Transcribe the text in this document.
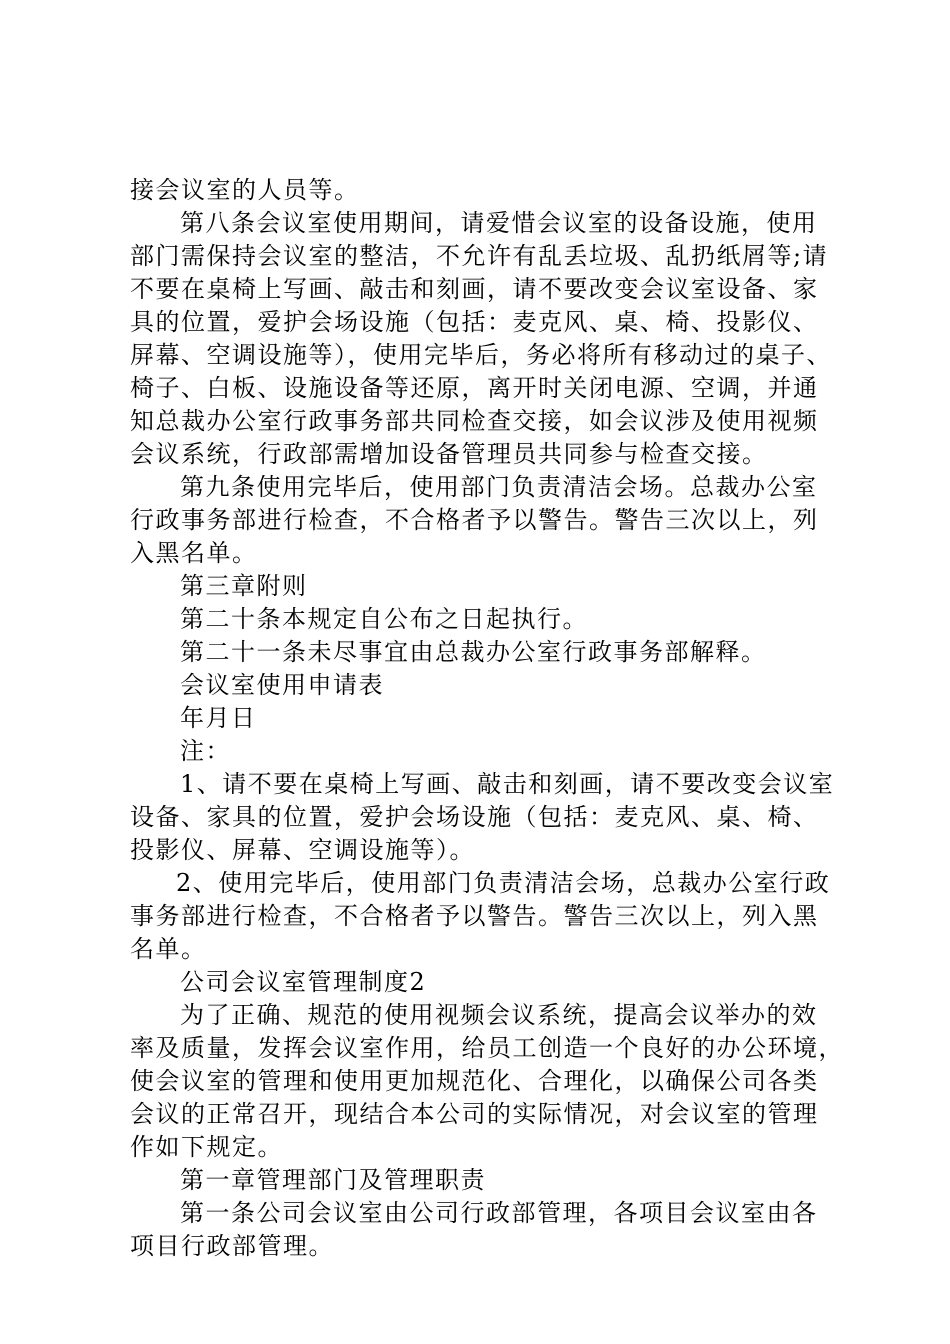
接会议室的人员等。
第八条会议室使用期间，请爱惜会议室的设备设施，使用
部门需保持会议室的整洁，不允许有乱丢垃圾、乱扔纸屑等;请
不要在桌椅上写画、敲击和刻画，请不要改变会议室设备、家
具的位置，爱护会场设施（包括：麦克风、桌、椅、投影仪、
屏幕、空调设施等），使用完毕后，务必将所有移动过的桌子、
椅子、白板、设施设备等还原，离开时关闭电源、空调，并通
知总裁办公室行政事务部共同检查交接，如会议涉及使用视频
会议系统，行政部需增加设备管理员共同参与检查交接。
第九条使用完毕后，使用部门负责清洁会场。总裁办公室
行政事务部进行检查，不合格者予以警告。警告三次以上，列
入黑名单。
第三章附则
第二十条本规定自公布之日起执行。
第二十一条未尽事宜由总裁办公室行政事务部解释。
会议室使用申请表
年月日
注：
1、请不要在桌椅上写画、敲击和刻画，请不要改变会议室
设备、家具的位置，爱护会场设施（包括：麦克风、桌、椅、
投影仪、屏幕、空调设施等）。
2、使用完毕后，使用部门负责清洁会场，总裁办公室行政
事务部进行检查，不合格者予以警告。警告三次以上，列入黑
名单。
公司会议室管理制度2
为了正确、规范的使用视频会议系统，提高会议举办的效
率及质量，发挥会议室作用，给员工创造一个良好的办公环境，
使会议室的管理和使用更加规范化、合理化，以确保公司各类
会议的正常召开，现结合本公司的实际情况，对会议室的管理
作如下规定。
第一章管理部门及管理职责
第一条公司会议室由公司行政部管理，各项目会议室由各
项目行政部管理。
